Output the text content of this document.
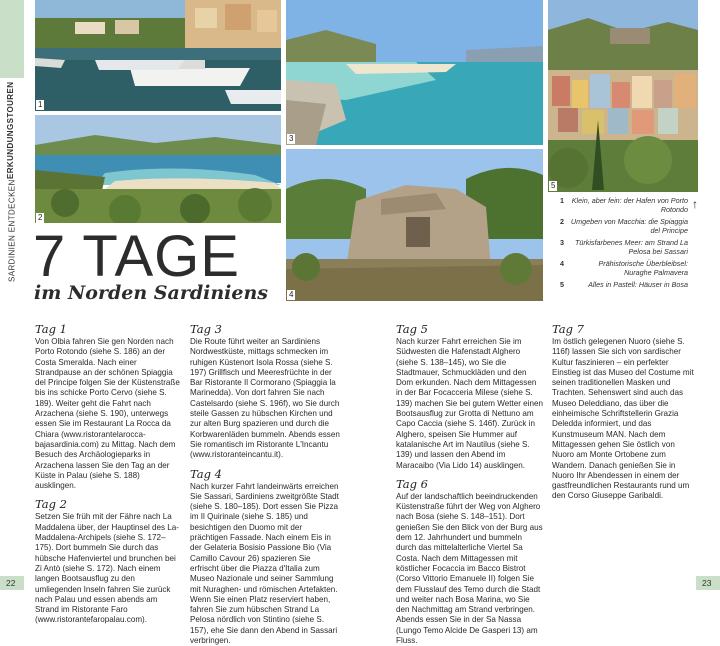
SARDINIEN ENTDECKEN
ERKUNDUNGSTOUREN	1
2
3
4
5
1	Klein, aber fein: der Hafen von Porto Rotondo
2 Umgeben von Macchia: die Spiaggia del Principe
3	Türkisfarbenes Meer: am Strand La Pelosa bei Sassari
4	Prähistorische Überbleibsel: Nuraghe Palmavera
5	Alles in Pastell: Häuser in Bosa
↑
7 TAGE
im Norden Sardiniens
Tag 1

Von Olbia fahren Sie gen Norden nach Porto Rotondo (siehe S. 186) an der Costa Smeralda. Nach einer Strandpause an der schönen Spiaggia del Principe folgen Sie der Küstenstraße bis ins schicke Porto Cervo (siehe S. 189). Weiter geht die Fahrt nach Arzachena (siehe S. 190), unterwegs essen Sie im Restaurant La Rocca da Chiara (www.ristorantelarocca-bajasardinia.com) zu Mittag. Nach dem Besuch des Archäologieparks in Arzachena lassen Sie den Tag an der Küste in Palau (siehe S. 188) ausklingen.

Tag 2

Setzen Sie früh mit der Fähre nach La Maddalena über, der Hauptinsel des La-Maddalena-Archipels (siehe S. 172–175). Dort bummeln Sie durch das hübsche Hafenviertel und brunchen bei Zi Antò (siehe S. 172). Nach einem langen Bootsausflug zu den umliegenden Inseln fahren Sie zurück nach Palau und essen abends am Strand im Ristorante Faro (www.ristorantefaropalau.com).

Tag 3

Die Route führt weiter an Sardiniens Nordwestküste, mittags schmecken im ruhigen Küstenort Isola Rossa (siehe S. 197) Grillfisch und Meeresfrüchte in der Bar Ristorante Il Cormorano (Spiaggia la Marinedda). Von dort fahren Sie nach Castelsardo (siehe S. 196f), wo Sie durch steile Gassen zu hübschen Kirchen und zur alten Burg spazieren und durch die Korbwarenläden bummeln. Abends essen Sie romantisch im Ristorante L'Incantu (www.ristoranteincantu.it).

Tag 4

Nach kurzer Fahrt landeinwärts erreichen Sie Sassari, Sardiniens zweitgrößte Stadt (siehe S. 180–185). Dort essen Sie Pizza im Il Quirinale (siehe S. 185) und besichtigen den Duomo mit der prächtigen Fassade. Nach einem Eis in der Gelateria Bosisio Passione Bio (Via Camillo Cavour 26) spazieren Sie erfrischt über die Piazza d'Italia zum Museo Nazionale und seiner Sammlung mit Nuraghen- und römischen Artefakten. Wenn Sie einen Platz reserviert haben, fahren Sie zum hübschen Strand La Pelosa nördlich von Stintino (siehe S. 157), ehe Sie dann den Abend in Sassari verbringen.

Tag 5

Nach kurzer Fahrt erreichen Sie im Südwesten die Hafenstadt Alghero (siehe S. 138–145), wo Sie die Stadtmauer, Schmuckläden und den Dom erkunden. Nach dem Mittagessen in der Bar Focacceria Milese (siehe S. 139) machen Sie bei gutem Wetter einen Bootsausflug zur Grotta di Nettuno am Capo Caccia (siehe S. 146f). Zurück in Alghero, speisen Sie Hummer auf katalanische Art im Nautilus (siehe S. 139) und lassen den Abend im Maracaibo (Via Lido 14) ausklingen.

Tag 6

Auf der landschaftlich beeindruckenden Küstenstraße führt der Weg von Alghero nach Bosa (siehe S. 148–151). Dort genießen Sie den Blick von der Burg aus dem 12. Jahrhundert und bummeln durch das mittelalterliche Viertel Sa Costa. Nach dem Mittagessen mit köstlicher Focaccia im Bacco Bistrot (Corso Vittorio Emanuele II) folgen Sie dem Flusslauf des Temo durch die Stadt und weiter nach Bosa Marina, wo Sie den Nachmittag am Strand verbringen. Abends essen Sie in der Sa Nassa (Lungo Temo Alcide De Gasperi 13) am Fluss.

Tag 7

Im östlich gelegenen Nuoro (siehe S. 116f) lassen Sie sich von sardischer Kultur faszinieren – ein perfekter Einstieg ist das Museo del Costume mit seinen traditionellen Masken und Trachten. Sehenswert sind auch das Museo Deleddiano, das über die einheimische Schriftstellerin Grazia Deledda informiert, und das Kunstmuseum MAN. Nach dem Mittagessen gehen Sie östlich von Nuoro am Monte Ortobene zum Wandern. Danach genießen Sie in Nuoro Ihr Abendessen in einem der gastfreundlichen Restaurants rund um den Corso Giuseppe Garibaldi.

22	23
